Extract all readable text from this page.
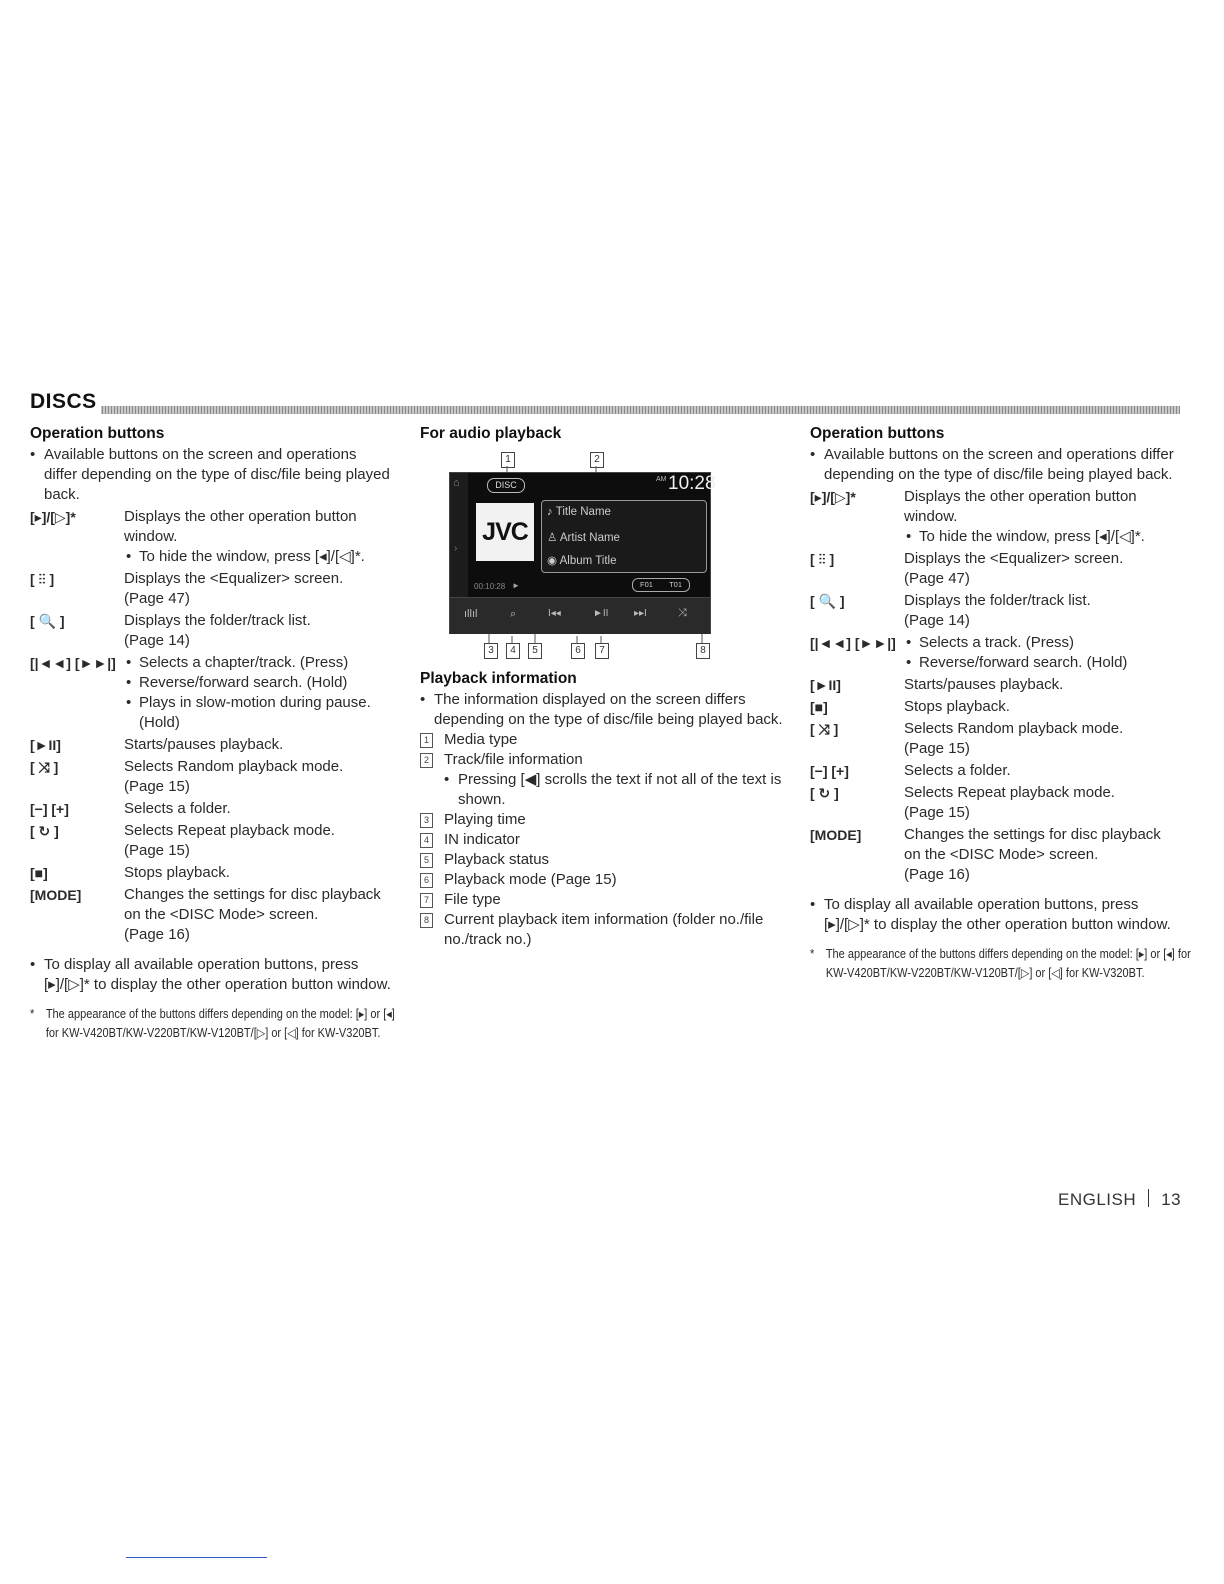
DISCS
Operation buttons

• Available buttons on the screen and operations differ depending on the type of disc/file being played back.

[▸]/[▷]*	Displays the other operation button window.
• To hide the window, press [◂]/[◁]*.
[ ⫶⫶ ]	Displays the <Equalizer> screen.
(Page 47)
[ 🔍 ]	Displays the folder/track list.
(Page 14)
[|◄◄] [►►|]	• Selects a chapter/track. (Press)
• Reverse/forward search. (Hold)
• Plays in slow-motion during pause. (Hold)
[►II]	Starts/pauses playback.
[ ⤨ ]	Selects Random playback mode.
(Page 15)
[−] [+]	Selects a folder.
[ ↻ ]	Selects Repeat playback mode.
(Page 15)
[■]	Stops playback.
[MODE]	Changes the settings for disc playback on the <DISC Mode> screen.
(Page 16)

• To display all available operation buttons, press [▸]/[▷]* to display the other operation button window.

* The appearance of the buttons differs depending on the model: [▸] or [◂] for KW-V420BT/KW-V220BT/KW-V120BT/[▷] or [◁] for KW-V320BT.
For audio playback
1	2
3	4	5	6	7	8
⌂
›
DISC
AM 10:28
JVC
♪ Title Name
♙ Artist Name
◉ Album Title
00:10:28 ►	F01 T01
ıllıl	⌕	I◂◂	►II	▸▸I	⤨
Playback information

• The information displayed on the screen differs depending on the type of disc/file being played back.

1 Media type
2 Track/file information
• Pressing [◀] scrolls the text if not all of the text is shown.
3 Playing time
4 IN indicator
5 Playback status
6 Playback mode (Page 15)
7 File type
8 Current playback item information (folder no./file no./track no.)
Operation buttons

• Available buttons on the screen and operations differ depending on the type of disc/file being played back.

[▸]/[▷]*	Displays the other operation button window.
• To hide the window, press [◂]/[◁]*.
[ ⫶⫶ ]	Displays the <Equalizer> screen.
(Page 47)
[ 🔍 ]	Displays the folder/track list.
(Page 14)
[|◄◄] [►►|]	• Selects a track. (Press)
• Reverse/forward search. (Hold)
[►II]	Starts/pauses playback.
[■]	Stops playback.
[ ⤨ ]	Selects Random playback mode.
(Page 15)
[−] [+]	Selects a folder.
[ ↻ ]	Selects Repeat playback mode.
(Page 15)
[MODE]	Changes the settings for disc playback on the <DISC Mode> screen.
(Page 16)

• To display all available operation buttons, press [▸]/[▷]* to display the other operation button window.

* The appearance of the buttons differs depending on the model: [▸] or [◂] for KW-V420BT/KW-V220BT/KW-V120BT/[▷] or [◁] for KW-V320BT.
ENGLISH 13
